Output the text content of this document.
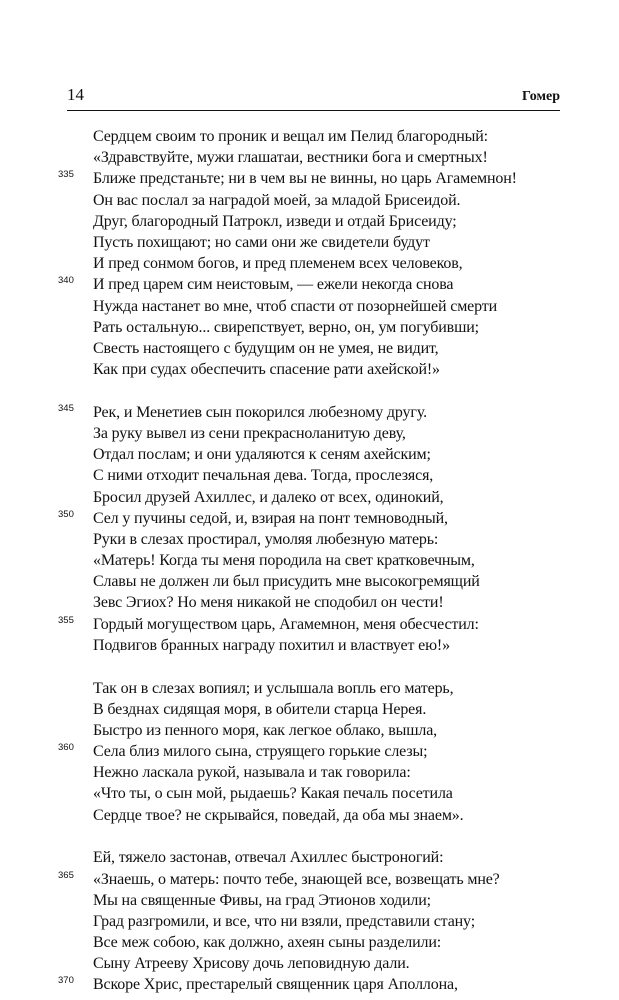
14	Гомер
Сердцем своим то проник и вещал им Пелид благородный:
«Здравствуйте, мужи глашатаи, вестники бога и смертных!
335 Ближе предстаньте; ни в чем вы не винны, но царь Агамемнон!
Он вас послал за наградой моей, за младой Брисеидой.
Друг, благородный Патрокл, изведи и отдай Брисеиду;
Пусть похищают; но сами они же свидетели будут
И пред сонмом богов, и пред племенем всех человеков,
340 И пред царем сим неистовым, — ежели некогда снова
Нужда настанет во мне, чтоб спасти от позорнейшей смерти
Рать остальную... свирепствует, верно, он, ум погубивши;
Свесть настоящего с будущим он не умея, не видит,
Как при судах обеспечить спасение рати ахейской!»
345 Рек, и Менетиев сын покорился любезному другу.
За руку вывел из сени прекрасноланитую деву,
Отдал послам; и они удаляются к сеням ахейским;
С ними отходит печальная дева. Тогда, прослезяся,
Бросил друзей Ахиллес, и далеко от всех, одинокий,
350 Сел у пучины седой, и, взирая на понт темноводный,
Руки в слезах простирал, умоляя любезную матерь:
«Матерь! Когда ты меня породила на свет кратковечным,
Славы не должен ли был присудить мне высокогремящий
Зевс Эгиох? Но меня никакой не сподобил он чести!
355 Гордый могуществом царь, Агамемнон, меня обесчестил:
Подвигов бранных награду похитил и властвует ею!»
Так он в слезах вопиял; и услышала вопль его матерь,
В безднах сидящая моря, в обители старца Нерея.
Быстро из пенного моря, как легкое облако, вышла,
360 Села близ милого сына, струящего горькие слезы;
Нежно ласкала рукой, называла и так говорила:
«Что ты, о сын мой, рыдаешь? Какая печаль посетила
Сердце твое? не скрывайся, поведай, да оба мы знаем».
Ей, тяжело застонав, отвечал Ахиллес быстроногий:
365 «Знаешь, о матерь: почто тебе, знающей все, возвещать мне?
Мы на священные Фивы, на град Этионов ходили;
Град разгромили, и все, что ни взяли, представили стану;
Все меж собою, как должно, ахеян сыны разделили:
Сыну Атрееву Хрисову дочь леповидную дали.
370 Вскоре Хрис, престарелый священник царя Аполлона,
